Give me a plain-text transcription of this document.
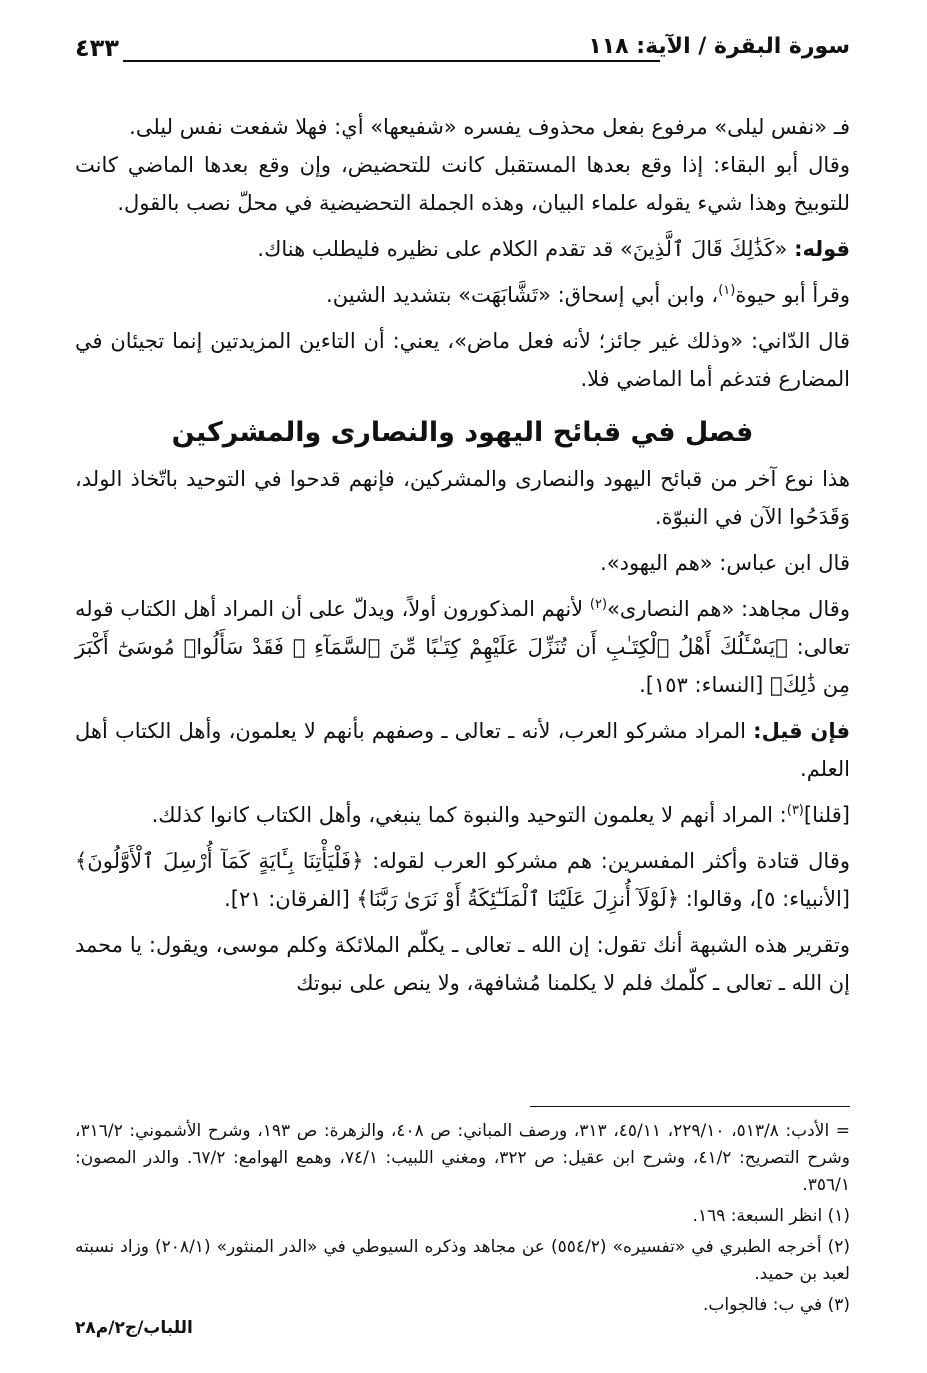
سورة البقرة / الآية: ١١٨
٤٣٣

فـ «نفس ليلى» مرفوع بفعل محذوف يفسره «شفيعها» أي: فهلا شفعت نفس ليلى.

وقال أبو البقاء: إذا وقع بعدها المستقبل كانت للتحضيض، وإن وقع بعدها الماضي كانت للتوبيخ وهذا شيء يقوله علماء البيان، وهذه الجملة التحضيضية في محلّ نصب بالقول.

قوله: «كَذَٰلِكَ قَالَ ٱلَّذِينَ» قد تقدم الكلام على نظيره فليطلب هناك.

وقرأ أبو حيوة$^{(١)}$، وابن أبي إسحاق: «تَشَّابَهَت» بتشديد الشين.

قال الدّاني: «وذلك غير جائز؛ لأنه فعل ماض»، يعني: أن التاءين المزيدتين إنما تجيئان في المضارع فتدغم أما الماضي فلا.

فصل في قبائح اليهود والنصارى والمشركين

هذا نوع آخر من قبائح اليهود والنصارى والمشركين، فإنهم قدحوا في التوحيد باتّخاذ الولد، وَقَدَحُوا الآن في النبوّة.

قال ابن عباس: «هم اليهود».

وقال مجاهد: «هم النصارى»$^{(٢)}$ لأنهم المذكورون أولاً، ويدلّ على أن المراد أهل الكتاب قوله تعالى: ﴿يَسْـَٔلُكَ أَهْلُ ٱلْكِتَـٰبِ أَن تُنَزِّلَ عَلَيْهِمْ كِتَـٰبًا مِّنَ ٱلسَّمَآءِ ۚ فَقَدْ سَأَلُوا۟ مُوسَىٰٓ أَكْبَرَ مِن ذَٰلِكَ﴾ [النساء: ١٥٣].

فإن قيل: المراد مشركو العرب، لأنه ـ تعالى ـ وصفهم بأنهم لا يعلمون، وأهل الكتاب أهل العلم.

[قلنا]$^{(٣)}$: المراد أنهم لا يعلمون التوحيد والنبوة كما ينبغي، وأهل الكتاب كانوا كذلك.

وقال قتادة وأكثر المفسرين: هم مشركو العرب لقوله: ﴿فَلْيَأْتِنَا بِـَٔايَةٍ كَمَآ أُرْسِلَ ٱلْأَوَّلُونَ﴾ [الأنبياء: ٥]، وقالوا: ﴿لَوْلَآ أُنزِلَ عَلَيْنَا ٱلْمَلَـٰٓئِكَةُ أَوْ نَرَىٰ رَبَّنَا﴾ [الفرقان: ٢١].

وتقرير هذه الشبهة أنك تقول: إن الله ـ تعالى ـ يكلّم الملائكة وكلم موسى، ويقول: يا محمد إن الله ـ تعالى ـ كلّمك فلم لا يكلمنا مُشافهة، ولا ينص على نبوتك

= الأدب: ٥١٣/٨، ٢٢٩/١٠، ٤٥/١١، ٣١٣، ورصف المباني: ص ٤٠٨، والزهرة: ص ١٩٣، وشرح الأشموني: ٣١٦/٢، وشرح التصريح: ٤١/٢، وشرح ابن عقيل: ص ٣٢٢، ومغني اللبيب: ٧٤/١، وهمع الهوامع: ٦٧/٢. والدر المصون: ٣٥٦/١.

(١) انظر السبعة: ١٦٩.

(٢) أخرجه الطبري في «تفسيره» (٥٥٤/٢) عن مجاهد وذكره السيوطي في «الدر المنثور» (٢٠٨/١) وزاد نسبته لعبد بن حميد.

(٣) في ب: فالجواب.

اللباب/ج٢/م٢٨
